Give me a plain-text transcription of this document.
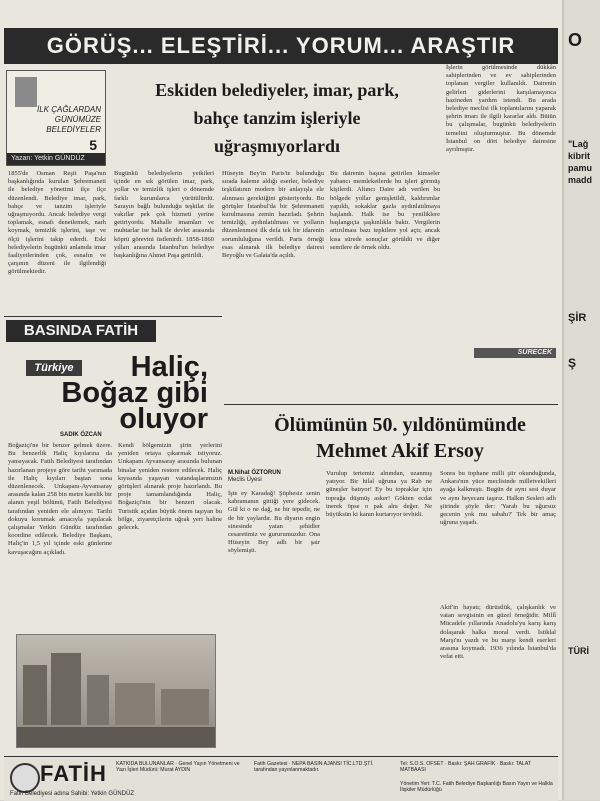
GÖRÜŞ... ELEŞTİRİ... YORUM... ARAŞTIR
İLK ÇAĞLARDAN GÜNÜMÜZE BELEDİYELER
5
Yazan: Yetkin GÜNDÜZ
Eskiden belediyeler, imar, park,
bahçe tanzim işleriyle
uğraşmıyorlardı
1855'de Osman Reşit Paşa'nın başkanlığında kurulan Şehremaneti ile belediye yönetimi ilçe ilçe düzenlendi. Belediye imar, park, bahçe ve tanzim işleriyle uğraşmıyordu. Ancak belediye vergi toplamak, esnafı denetlemek, narh koymak, temizlik işlerini, iaşe ve ölçü işlerini takip ederdi. Eski belediyelerin bugünkü anlamda imar faaliyetlerinden çok, esnafın ve çarşının düzeni ile ilgilendiği görülmektedir.
Bugünkü belediyelerin yetkileri içinde en sık görülen imar, park, yollar ve temizlik işleri o dönemde farklı kurumlarca yürütülürdü. Sarayın bağlı bulunduğu teşkilat ile vakıflar pek çok hizmeti yerine getiriyordu. Mahalle imamları ve muhtarlar ise halk ile devlet arasında köprü görevini üstlenirdi. 1858-1860 yılları arasında İstanbul'un belediye başkanlığına Ahmet Paşa getirildi.
Hüseyin Bey'in Paris'te bulunduğu sırada kaleme aldığı eserler, belediye teşkilatının modern bir anlayışla ele alınması gerektiğini gösteriyordu. Bu görüşler İstanbul'da bir Şehremaneti kurulmasına zemin hazırladı. Şehrin temizliği, aydınlatılması ve yolların düzenlenmesi ilk defa tek bir idarenin sorumluluğuna verildi. Paris örneği esas alınarak ilk belediye dairesi Beyoğlu ve Galata'da açıldı.
Bu dairenin başına getirilen kimseler yabancı memleketlerde bu işleri görmüş kişilerdi. Altıncı Daire adı verilen bu bölgede yollar genişletildi, kaldırımlar yapıldı, sokaklar gazla aydınlatılmaya başlandı. Halk ise bu yeniliklere başlangıçta şaşkınlıkla baktı. Vergilerin artırılması bazı tepkilere yol açtı; ancak kısa sürede sonuçlar görüldü ve diğer semtlere de örnek oldu.
İşlerin görülmesinde dükkân sahiplerinden ve ev sahiplerinden toplanan vergiler kullanıldı. Dairenin gelirleri giderlerini karşılamayınca hazineden yardım istendi. Bu arada belediye meclisi ilk toplantılarını yaparak şehrin imarı ile ilgili kararlar aldı. Bütün bu çalışmalar, bugünkü belediyelerin temelini oluşturmuştur. Bu dönemde İstanbul on dört belediye dairesine ayrılmıştır.
SÜRECEK
BASINDA FATİH
Türkiye	Haliç, Boğaz gibi oluyor
SADIK ÖZCAN
Boğaziçi'ne bir benzer gelmek üzere. Bu benzerlik Haliç kıyılarına da yansıyacak. Fatih Belediyesi tarafından hazırlanan projeye göre tarihi yarımada ile Haliç kıyıları baştan sona düzenlenecek. Unkapanı-Ayvansaray arasında kalan 258 bin metre karelik bir alanın yeşil bölümü, Fatih Belediyesi tarafından yeniden ele alınıyor. Tarihi dokuyu korumak amacıyla yapılacak çalışmalar Yetkin Gündüz tarafından koordine edilecek. Belediye Başkanı, Haliç'in 1,5 yıl içinde eski günlerine kavuşacağını açıkladı.
Kendi bölgemizin şirin yerlerini yeniden ortaya çıkarmak istiyoruz. Unkapanı Ayvansaray arasında bulunan binalar yeniden restore edilecek. Haliç kıyısında yaşayan vatandaşlarımızın görüşleri alınarak proje hazırlandı. Bu proje tamamlandığında Haliç, Boğaziçi'nin bir benzeri olacak. Turistik açıdan büyük önem taşıyan bu bölge, ziyaretçilerin uğrak yeri haline gelecek.
Ölümünün 50. yıldönümünde
Mehmet Akif Ersoy
M.Nihat ÖZTORUN
Meclis Üyesi
İşte ey Karadağ! Şüphesiz senin kahramanın gittiği yere gidecek. Gül ki o ne dağ, ne bir tepedir, ne de bir yaylardır. Bu diyarın engin sinesinde yatan şehidler cesaretimiz ve gururumuzdur. Ona Hüseyin Bey adlı bir şair söylemişti.
Vurulup tertemiz alnından, uzanmış yatıyor. Bir hilal uğruna ya Rab ne güneşler batıyor! Ey bu topraklar için toprağa düşmüş asker! Gökten ecdat inerek öpse o pak alnı değer. Ne büyüksün ki kanın kurtarıyor tevhidi.
Sonra bu tophane milli şiir okunduğunda, Ankara'nın yüce meclisinde milletvekilleri ayağa kalkmıştı. Bugün de aynı sesi duyar ve aynı heyecanı taşırız. Halkın Sesleri adlı şiirinde şöyle der: 'Yarab bu uğursuz gecenin yok mu sabahı?' Tek bir amaç uğruna yaşadı.
Akif'in hayatı; dürüstlük, çalışkanlık ve vatan sevgisinin en güzel örneğidir. Millî Mücadele yıllarında Anadolu'yu karış karış dolaşarak halka moral verdi. İstiklal Marşı'nı yazdı ve bu marşı kendi eserleri arasına koymadı. 1936 yılında İstanbul'da vefat etti.
FATİH
Fatih Belediyesi adına Sahibi: Yetkin GÜNDÜZ
KATKIDA BULUNANLAR · Genel Yayın Yönetmeni ve Yazı İşleri Müdürü: Murat AYDIN
Fatih Gazetesi · NEPA BASIN AJANSI TİC.LTD.ŞTİ. tarafından yayınlanmaktadır.
Tel: S.O.S. OFSET · Baskı: ŞAH GRAFİK · Baskı: TALAT MATBAASI
Yönetim Yeri: T.C. Fatih Belediye Başkanlığı Basın Yayın ve Halkla İlişkiler Müdürlüğü
O
"Lağ kibrit pamu madd
ŞİR
Ş
TÜRİ
